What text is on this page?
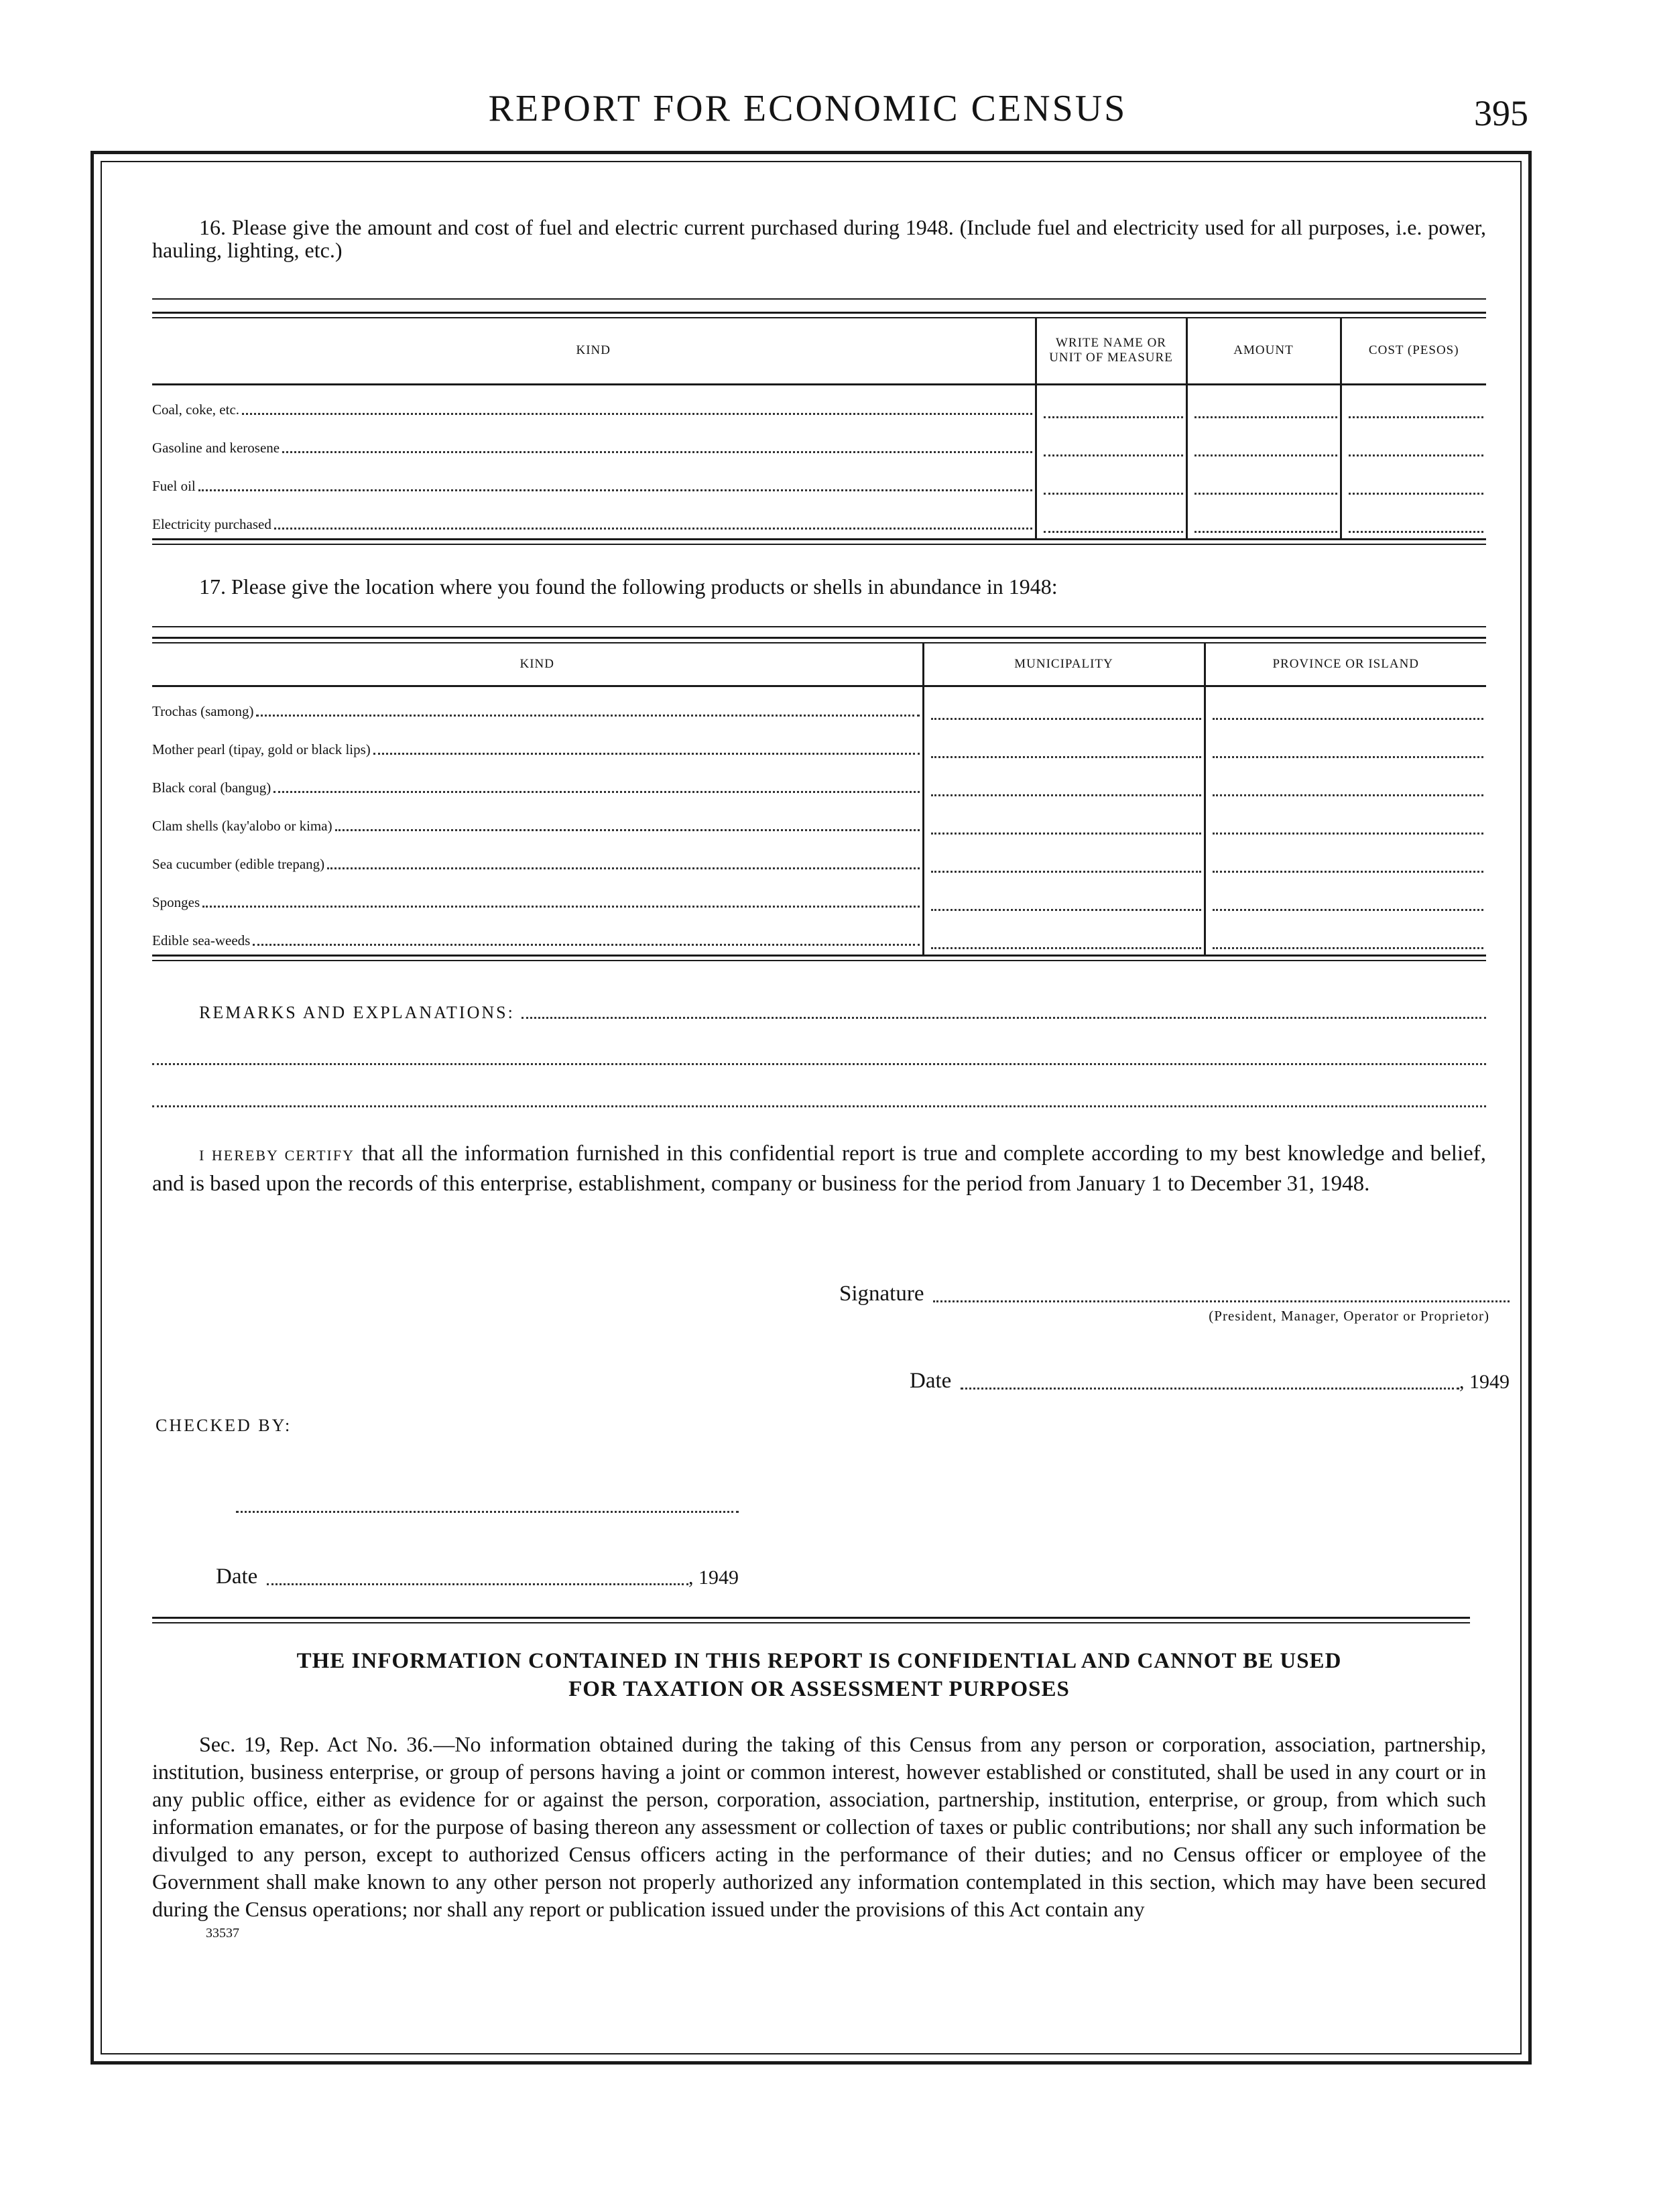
REPORT FOR ECONOMIC CENSUS	395

16. Please give the amount and cost of fuel and electric current purchased during 1948. (Include fuel and electricity used for all purposes, i.e. power, hauling, lighting, etc.)

KIND	WRITE NAME OR UNIT OF MEASURE	AMOUNT	COST (PESOS)

Coal, coke, etc.			

Gasoline and kerosene			

Fuel oil			

Electricity purchased			

17. Please give the location where you found the following products or shells in abundance in 1948:

KIND	MUNICIPALITY	PROVINCE OR ISLAND

Trochas (samong)		

Mother pearl (tipay, gold or black lips)		

Black coral (bangug)		

Clam shells (kay'alobo or kima)		

Sea cucumber (edible trepang)		

Sponges		

Edible sea-weeds		

REMARKS AND EXPLANATIONS:

I HEREBY CERTIFY that all the information furnished in this confidential report is true and complete according to my best knowledge and belief, and is based upon the records of this enterprise, establishment, company or business for the period from January 1 to December 31, 1948.

Signature
(President, Manager, Operator or Proprietor)
Date	, 1949
CHECKED BY:
Date	, 1949

THE INFORMATION CONTAINED IN THIS REPORT IS CONFIDENTIAL AND CANNOT BE USED

FOR TAXATION OR ASSESSMENT PURPOSES

Sec. 19, Rep. Act No. 36.—No information obtained during the taking of this Census from any person or corporation, association, partnership, institution, business enterprise, or group of persons having a joint or common interest, however established or constituted, shall be used in any court or in any public office, either as evidence for or against the person, corporation, association, partnership, institution, enterprise, or group, from which such information emanates, or for the purpose of basing thereon any assessment or collection of taxes or public contributions; nor shall any such information be divulged to any person, except to authorized Census officers acting in the performance of their duties; and no Census officer or employee of the Government shall make known to any other person not properly authorized any information contemplated in this section, which may have been secured during the Census operations; nor shall any report or publication issued under the provisions of this Act contain any

33537
